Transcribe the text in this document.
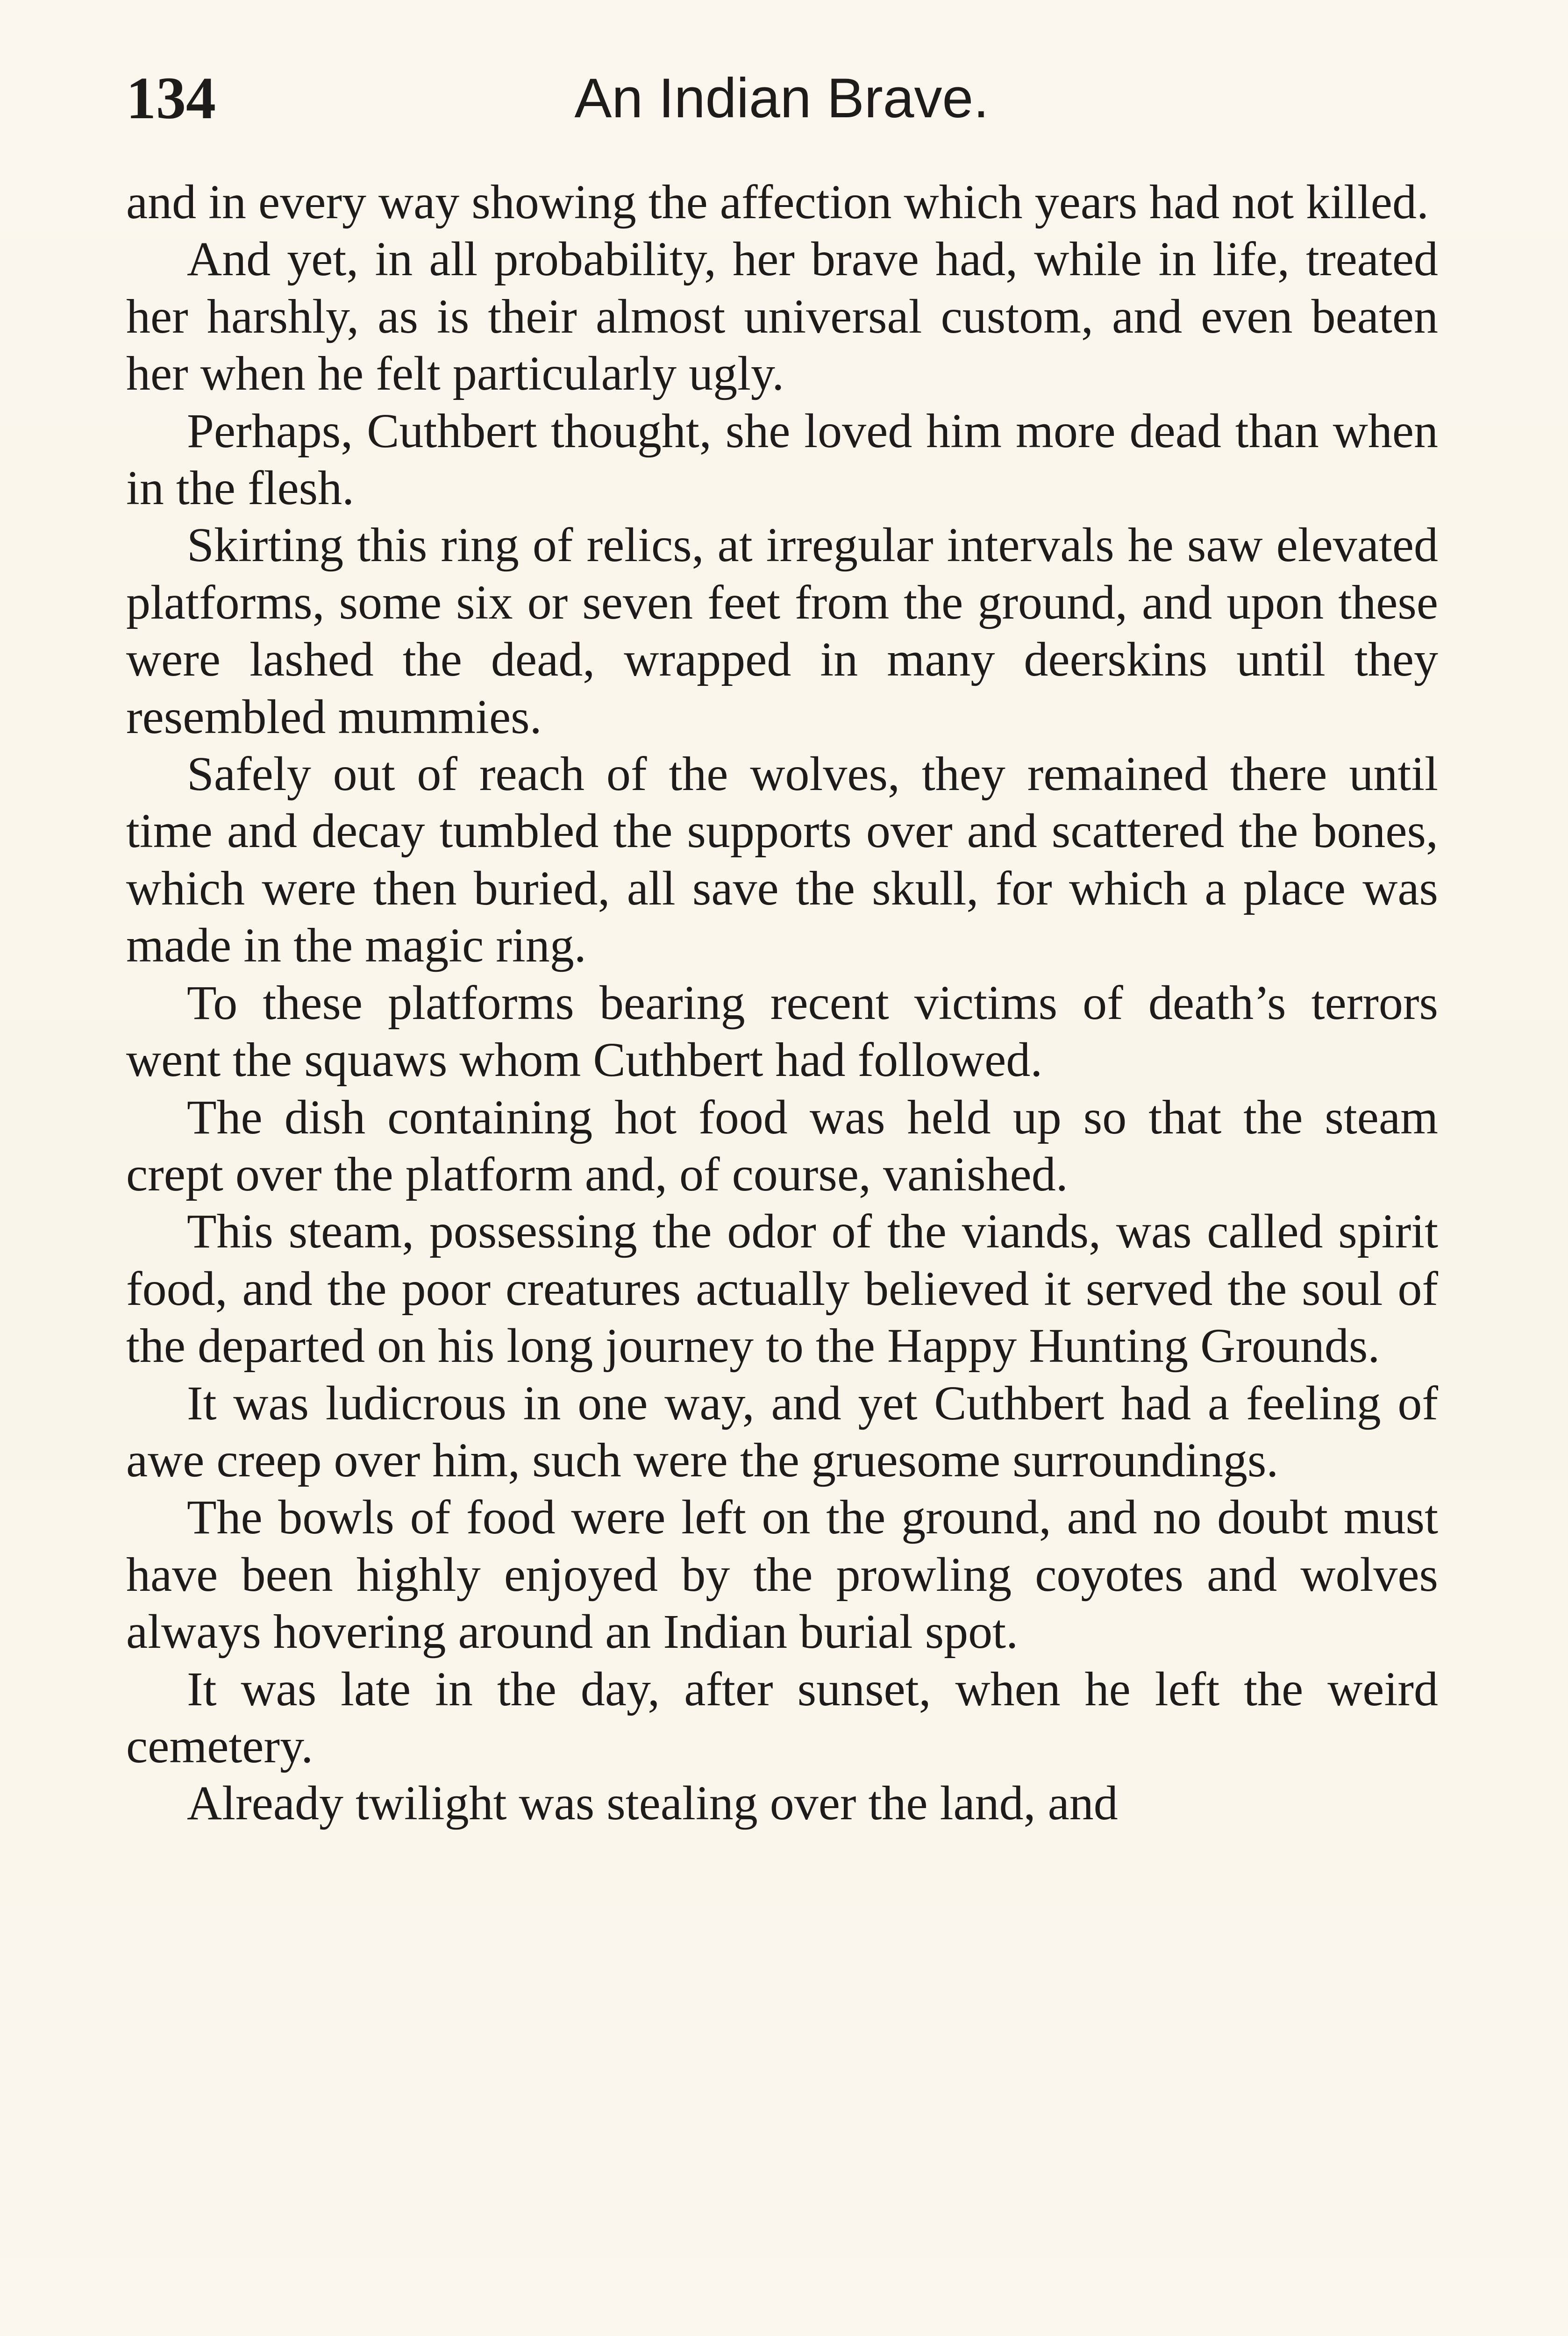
134	An Indian Brave.

and in every way showing the affection which years had not killed.

And yet, in all probability, her brave had, while in life, treated her harshly, as is their almost universal custom, and even beaten her when he felt particularly ugly.

Perhaps, Cuthbert thought, she loved him more dead than when in the flesh.

Skirting this ring of relics, at irregular intervals he saw elevated platforms, some six or seven feet from the ground, and upon these were lashed the dead, wrapped in many deerskins until they resembled mummies.

Safely out of reach of the wolves, they remained there until time and decay tumbled the supports over and scattered the bones, which were then buried, all save the skull, for which a place was made in the magic ring.

To these platforms bearing recent victims of death’s terrors went the squaws whom Cuthbert had followed.

The dish containing hot food was held up so that the steam crept over the platform and, of course, vanished.

This steam, possessing the odor of the viands, was called spirit food, and the poor creatures actually believed it served the soul of the departed on his long journey to the Happy Hunting Grounds.

It was ludicrous in one way, and yet Cuthbert had a feeling of awe creep over him, such were the gruesome surroundings.

The bowls of food were left on the ground, and no doubt must have been highly enjoyed by the prowling coyotes and wolves always hovering around an Indian burial spot.

It was late in the day, after sunset, when he left the weird cemetery.

Already twilight was stealing over the land, and
